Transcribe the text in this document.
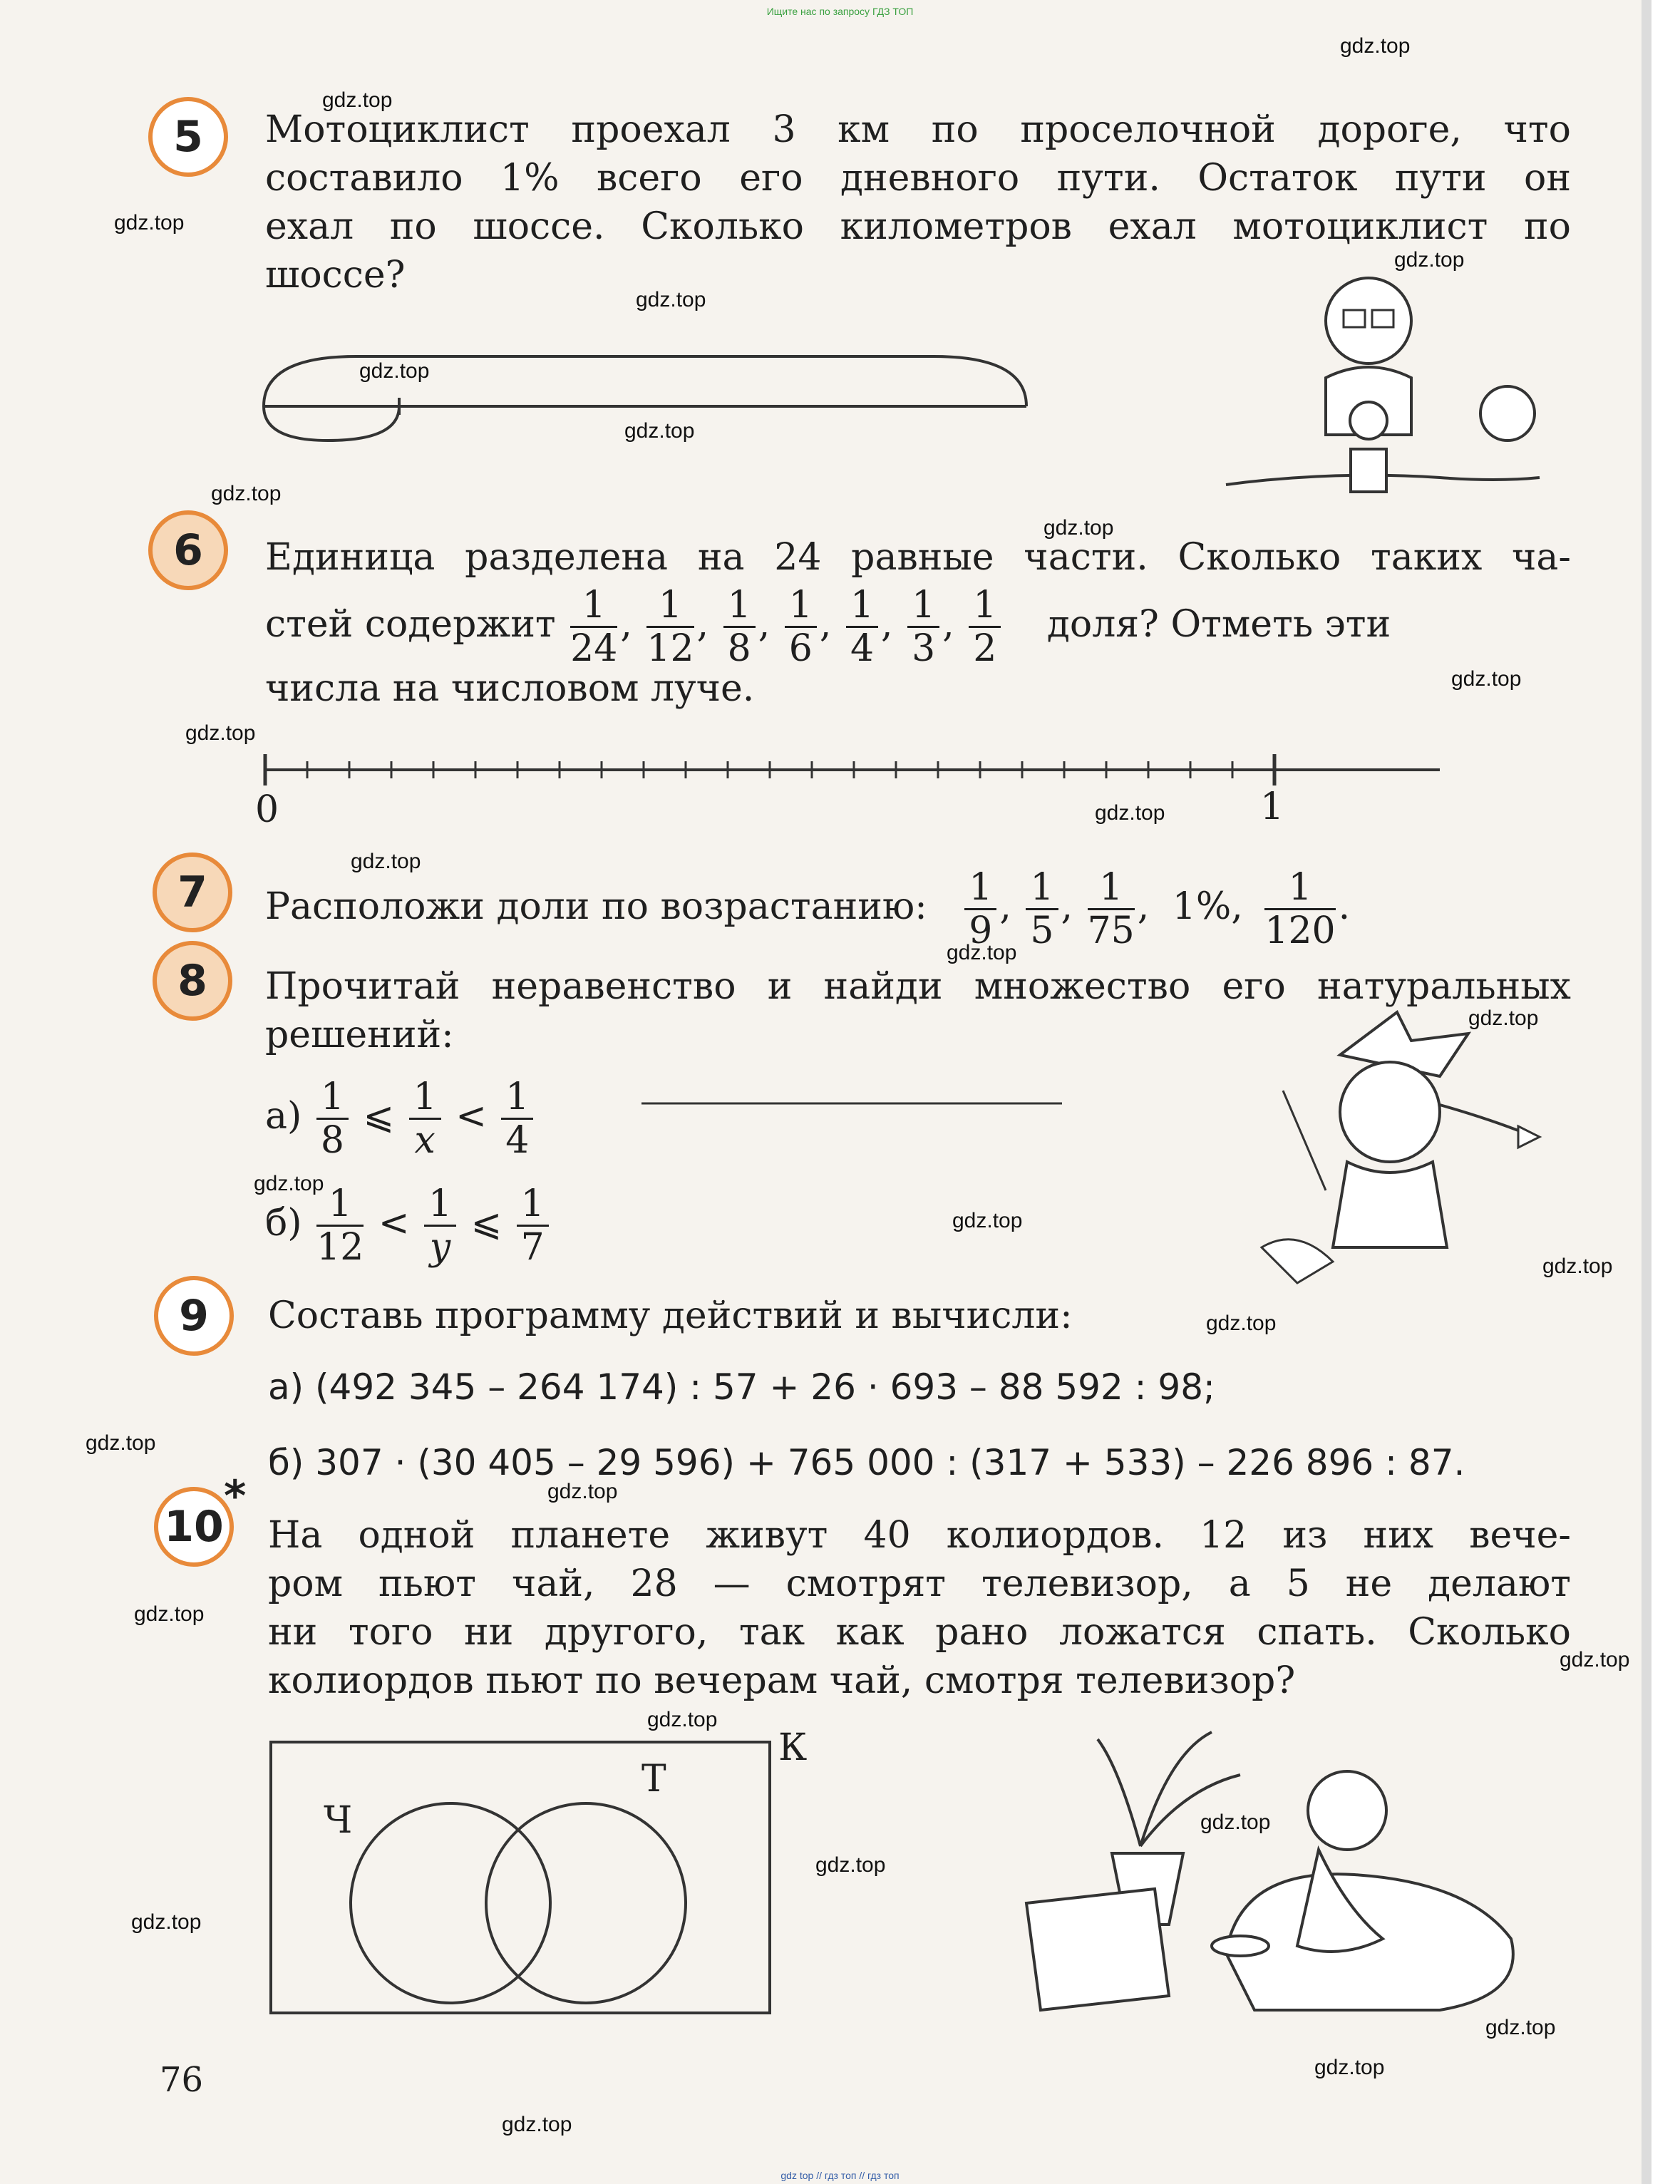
Ищите нас по запросу ГДЗ ТОП
gdz.top
gdz.top
gdz.top
gdz.top
gdz.top
gdz.top
gdz.top
gdz.top
gdz.top
gdz.top
gdz.top
gdz.top
gdz.top
gdz.top
gdz.top
gdz.top
gdz.top
gdz.top
gdz.top
gdz.top
gdz.top
gdz.top
gdz.top
gdz.top
gdz.top
gdz.top
gdz.top
gdz.top
gdz.top
gdz.top
5	Мотоциклист проехал 3 км по проселочной дороге, что
составило 1% всего его дневного пути. Остаток пути он
ехал по шоссе. Сколько километров ехал мотоциклист по
шоссе?
6	Единица разделена на 24 равные части. Сколько таких ча-
стей содержит $\frac{1}{24}$ , $\frac{1}{12}$ , $\frac{1}{8}$ , $\frac{1}{6}$ , $\frac{1}{4}$ , $\frac{1}{3}$ , $\frac{1}{2}$ доля? Отметь эти
числа на числовом луче.
0	1
7	Расположи доли по возрастанию: $\frac{1}{9}$ , $\frac{1}{5}$ , $\frac{1}{75}$ , 1%, $\frac{1}{120}$ .
8	Прочитай неравенство и найди множество его натуральных
решений:
$а) \frac{1}{8}$ ⩽ $\frac{1}{x} < \frac{1}{4}$
$б) \frac{1}{12} < \frac{1}{y}$ ⩽ $\frac{1}{7}$
9	Составь программу действий и вычисли:
а) (492 345 – 264 174) : 57 + 26 · 693 – 88 592 : 98;
б) 307 · (30 405 – 29 596) + 765 000 : (317 + 533) – 226 896 : 87.
10
*
На одной планете живут 40 колиордов. 12 из них вече-
ром пьют чай, 28 — смотрят телевизор, а 5 не делают
ни того ни другого, так как рано ложатся спать. Сколько
колиордов пьют по вечерам чай, смотря телевизор?
К
Ч
Т
76
gdz top // гдз топ // гдз топ
